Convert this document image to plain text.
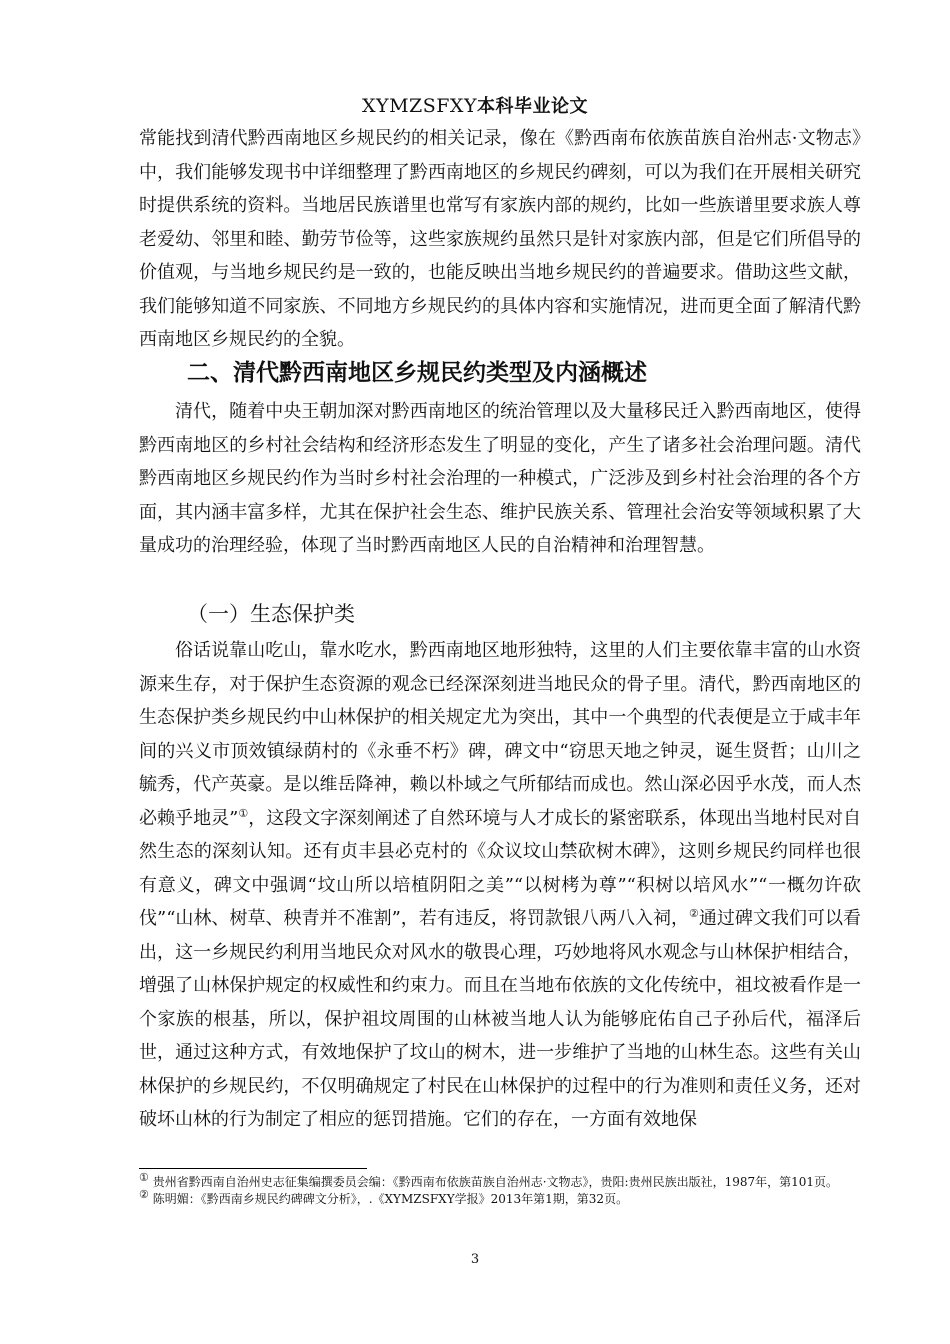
XYMZSFXY本科毕业论文

常能找到清代黔西南地区乡规民约的相关记录，像在《黔西南布依族苗族自治州志·文物志》中，我们能够发现书中详细整理了黔西南地区的乡规民约碑刻，可以为我们在开展相关研究时提供系统的资料。当地居民族谱里也常写有家族内部的规约，比如一些族谱里要求族人尊老爱幼、邻里和睦、勤劳节俭等，这些家族规约虽然只是针对家族内部，但是它们所倡导的价值观，与当地乡规民约是一致的，也能反映出当地乡规民约的普遍要求。借助这些文献，我们能够知道不同家族、不同地方乡规民约的具体内容和实施情况，进而更全面了解清代黔西南地区乡规民约的全貌。

二、清代黔西南地区乡规民约类型及内涵概述

清代，随着中央王朝加深对黔西南地区的统治管理以及大量移民迁入黔西南地区，使得黔西南地区的乡村社会结构和经济形态发生了明显的变化，产生了诸多社会治理问题。清代黔西南地区乡规民约作为当时乡村社会治理的一种模式，广泛涉及到乡村社会治理的各个方面，其内涵丰富多样，尤其在保护社会生态、维护民族关系、管理社会治安等领域积累了大量成功的治理经验，体现了当时黔西南地区人民的自治精神和治理智慧。

（一）生态保护类

俗话说靠山吃山，靠水吃水，黔西南地区地形独特，这里的人们主要依靠丰富的山水资源来生存，对于保护生态资源的观念已经深深刻进当地民众的骨子里。清代，黔西南地区的生态保护类乡规民约中山林保护的相关规定尤为突出，其中一个典型的代表便是立于咸丰年间的兴义市顶效镇绿荫村的《永垂不朽》碑，碑文中“窃思天地之钟灵，诞生贤哲；山川之毓秀，代产英豪。是以维岳降神，赖以朴域之气所郁结而成也。然山深必因乎水茂，而人杰必赖乎地灵”①，这段文字深刻阐述了自然环境与人才成长的紧密联系，体现出当地村民对自然生态的深刻认知。还有贞丰县必克村的《众议坟山禁砍树木碑》，这则乡规民约同样也很有意义，碑文中强调“坟山所以培植阴阳之美”“以树栲为尊”“积树以培风水”“一概勿许砍伐”“山林、树草、秧青并不准割”，若有违反，将罚款银八两八入祠，②通过碑文我们可以看出，这一乡规民约利用当地民众对风水的敬畏心理，巧妙地将风水观念与山林保护相结合，增强了山林保护规定的权威性和约束力。而且在当地布依族的文化传统中，祖坟被看作是一个家族的根基，所以，保护祖坟周围的山林被当地人认为能够庇佑自己子孙后代，福泽后世，通过这种方式，有效地保护了坟山的树木，进一步维护了当地的山林生态。这些有关山林保护的乡规民约，不仅明确规定了村民在山林保护的过程中的行为准则和责任义务，还对破坏山林的行为制定了相应的惩罚措施。它们的存在，一方面有效地保

① 贵州省黔西南自治州史志征集编撰委员会编：《黔西南布依族苗族自治州志·文物志》，贵阳:贵州民族出版社，1987年，第101页。

② 陈明媚：《黔西南乡规民约碑碑文分析》，.《XYMZSFXY学报》2013年第1期，第32页。

3
